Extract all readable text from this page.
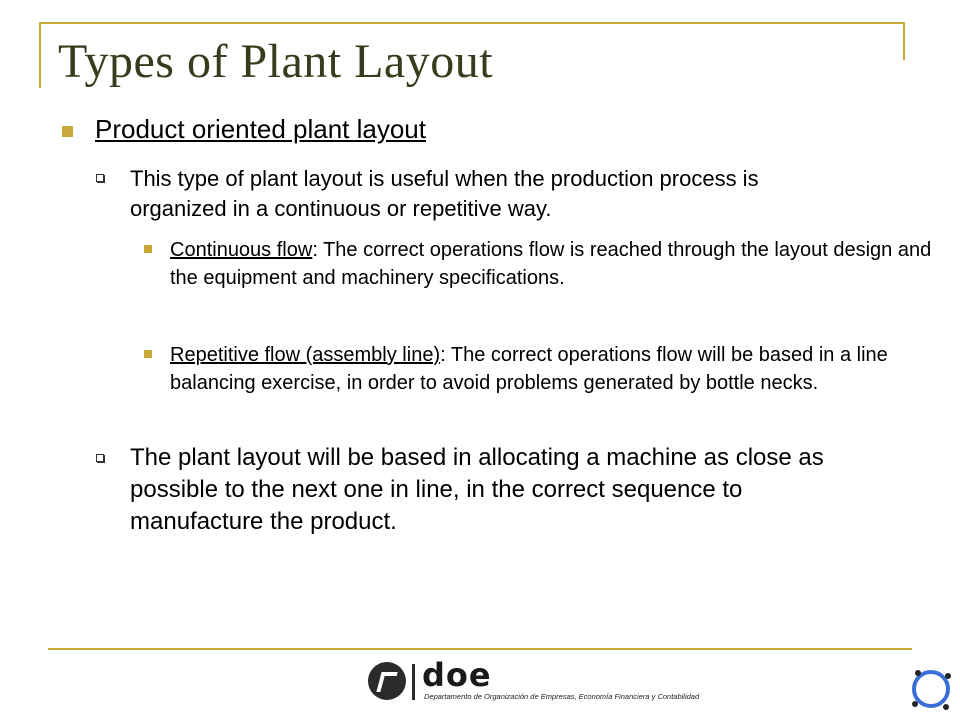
Types of Plant Layout
Product oriented plant layout
This type of plant layout is useful when the production process is organized in a continuous or repetitive way.
Continuous flow: The correct operations flow is reached through the layout design and the equipment and machinery specifications.
Repetitive flow (assembly line): The correct operations flow will be based in a line balancing exercise, in order to avoid problems generated by bottle necks.
The plant layout will be based in allocating a machine as close as possible to the next one in line, in the correct sequence to manufacture the product.
doe
Departamento de Organización de Empresas, Economía Financiera y Contabilidad
